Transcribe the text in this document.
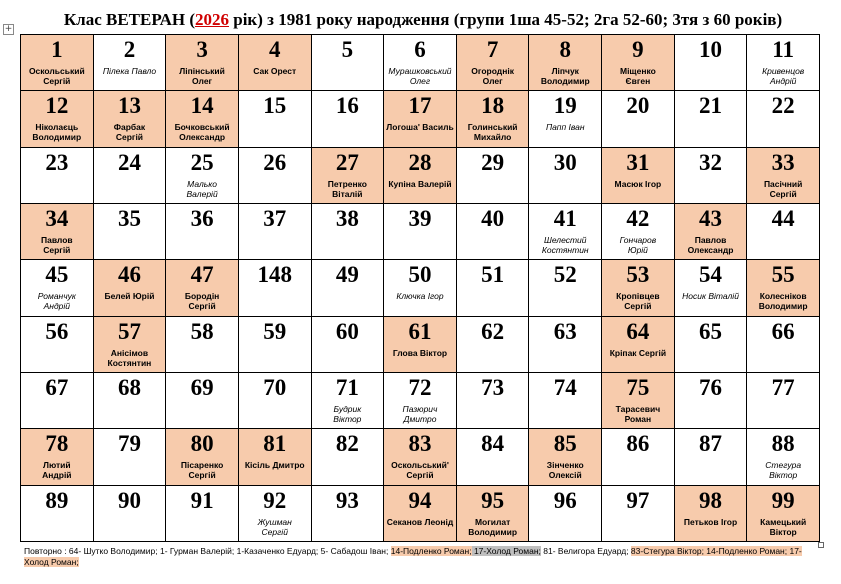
Клас ВЕТЕРАН (2026 рік) з 1981 року народження (групи 1ша 45-52; 2га 52-60; 3тя з 60 років)
+
1
Оскольський
Сергій
2
Пілека Павло
3
Ліпінський
Олег
4
Сак Орест
5	6
Мурашковський
Олег
7
Огороднік
Олег
8
Ліпчук
Володимир
9
Міщенко
Євген
10 11
Кривенцов
Андрій
12
Ніколаєць
Володимир
13
Фарбак
Сергій
14
Бочковський
Олександр
15 16 17
Логоша' Василь
18
Голинський
Михайло
19
Папп Іван
20 21 22
23 24 25
Малько
Валерій
26 27
Петренко
Віталій
28
Купіна Валерій
29 30 31
Масюк Ігор
32 33
Пасічний
Сергій
34
Павлов
Сергій
35 36 37 38 39 40 41
Шелестий
Костянтин
42
Гончаров
Юрій
43
Павлов
Олександр
44
45
Романчук
Андрій
46
Белей Юрій
47
Бородін
Сергій
148 49 50
Ключка Ігор
51 52 53
Кропівцев
Сергій
54
Носик Віталій
55
Колесніков
Володимир
56 57
Анісімов
Костянтин
58 59 60 61
Глова Віктор
62 63 64
Кріпак Сергій
65 66
67 68 69 70 71
Будрик
Віктор
72
Пазюрич
Дмитро
73 74 75
Тарасевич
Роман
76 77
78
Лютий
Андрій
79 80
Пісаренко
Сергій
81
Кісіль Дмитро
82 83
Оскольський'
Сергій
84 85
Зінченко
Олексій
86 87 88
Стегура
Віктор
89 90 91 92
Жушман
Сергій
93 94
Секанов Леонід
95
Могилат
Володимир
96 97 98
Петьков Ігор
99
Камецький
Віктор
Повторно : 64- Шутко Володимир; 1- Гурман Валерій; 1-Казаченко Едуард; 5- Сабадош Іван; 14-Подленко Роман; 17-Холод Роман; 81- Велигора Едуард; 83-Стегура Віктор; 14-Подленко Роман; 17-Холод Роман;
